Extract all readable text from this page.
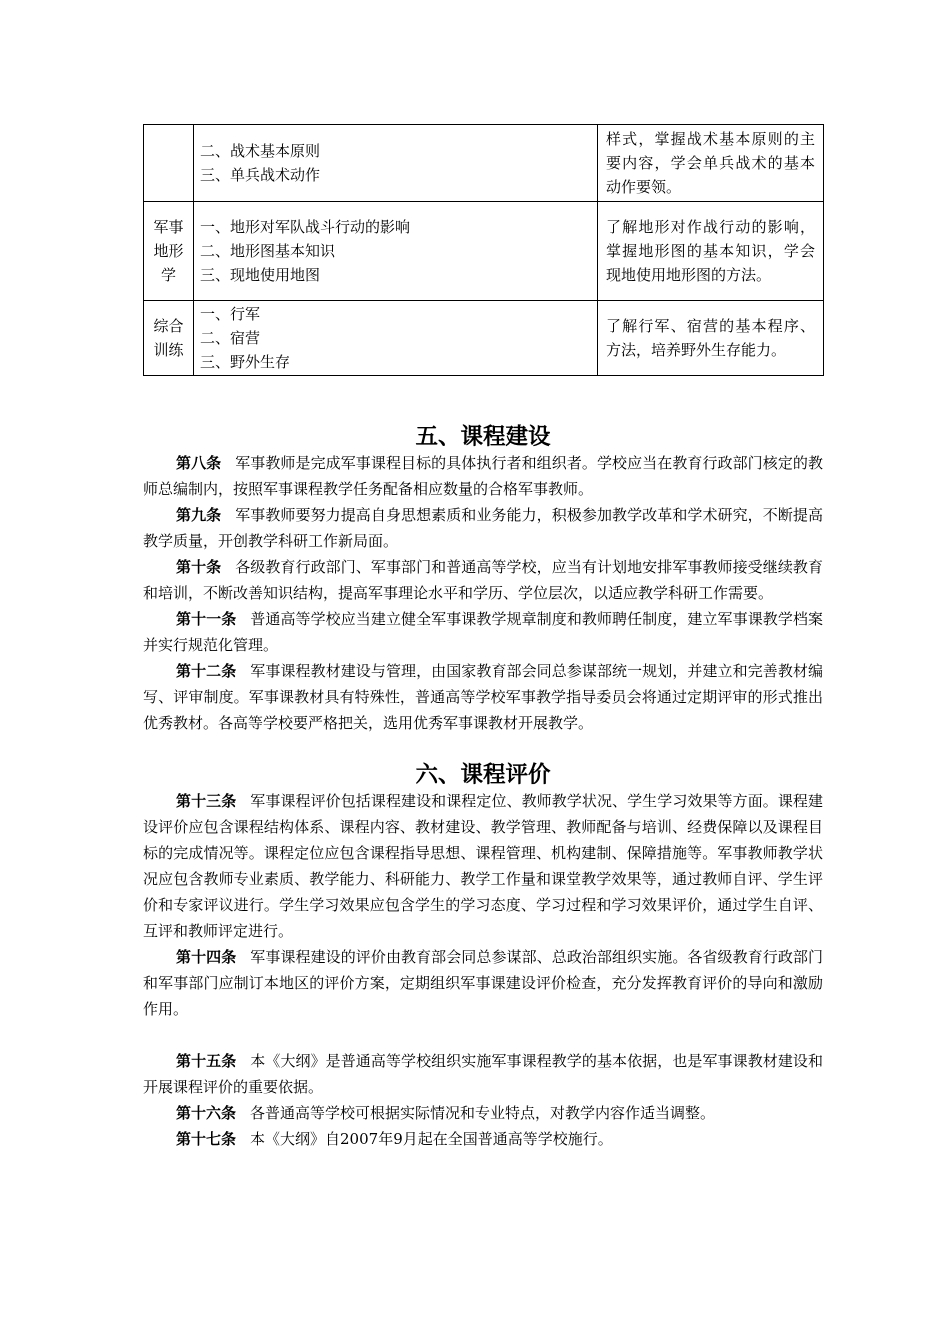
	二、战术基本原则
三、单兵战术动作	样式，掌握战术基本原则的主要内容，学会单兵战术的基本动作要领。

军事
地形
学	一、地形对军队战斗行动的影响
二、地形图基本知识
三、现地使用地图	了解地形对作战行动的影响，掌握地形图的基本知识，学会现地使用地形图的方法。

综合
训练	一、行军
二、宿营
三、野外生存	了解行军、宿营的基本程序、方法，培养野外生存能力。
五、课程建设

第八条 军事教师是完成军事课程目标的具体执行者和组织者。学校应当在教育行政部门核定的教师总编制内，按照军事课程教学任务配备相应数量的合格军事教师。

第九条 军事教师要努力提高自身思想素质和业务能力，积极参加教学改革和学术研究，不断提高教学质量，开创教学科研工作新局面。

第十条 各级教育行政部门、军事部门和普通高等学校，应当有计划地安排军事教师接受继续教育和培训，不断改善知识结构，提高军事理论水平和学历、学位层次，以适应教学科研工作需要。

第十一条 普通高等学校应当建立健全军事课教学规章制度和教师聘任制度，建立军事课教学档案并实行规范化管理。

第十二条 军事课程教材建设与管理，由国家教育部会同总参谋部统一规划，并建立和完善教材编写、评审制度。军事课教材具有特殊性，普通高等学校军事教学指导委员会将通过定期评审的形式推出优秀教材。各高等学校要严格把关，选用优秀军事课教材开展教学。

六、课程评价

第十三条 军事课程评价包括课程建设和课程定位、教师教学状况、学生学习效果等方面。课程建设评价应包含课程结构体系、课程内容、教材建设、教学管理、教师配备与培训、经费保障以及课程目标的完成情况等。课程定位应包含课程指导思想、课程管理、机构建制、保障措施等。军事教师教学状况应包含教师专业素质、教学能力、科研能力、教学工作量和课堂教学效果等，通过教师自评、学生评价和专家评议进行。学生学习效果应包含学生的学习态度、学习过程和学习效果评价，通过学生自评、互评和教师评定进行。

第十四条 军事课程建设的评价由教育部会同总参谋部、总政治部组织实施。各省级教育行政部门和军事部门应制订本地区的评价方案，定期组织军事课建设评价检查，充分发挥教育评价的导向和激励作用。

第十五条 本《大纲》是普通高等学校组织实施军事课程教学的基本依据，也是军事课教材建设和开展课程评价的重要依据。

第十六条 各普通高等学校可根据实际情况和专业特点，对教学内容作适当调整。

第十七条 本《大纲》自2007年9月起在全国普通高等学校施行。
